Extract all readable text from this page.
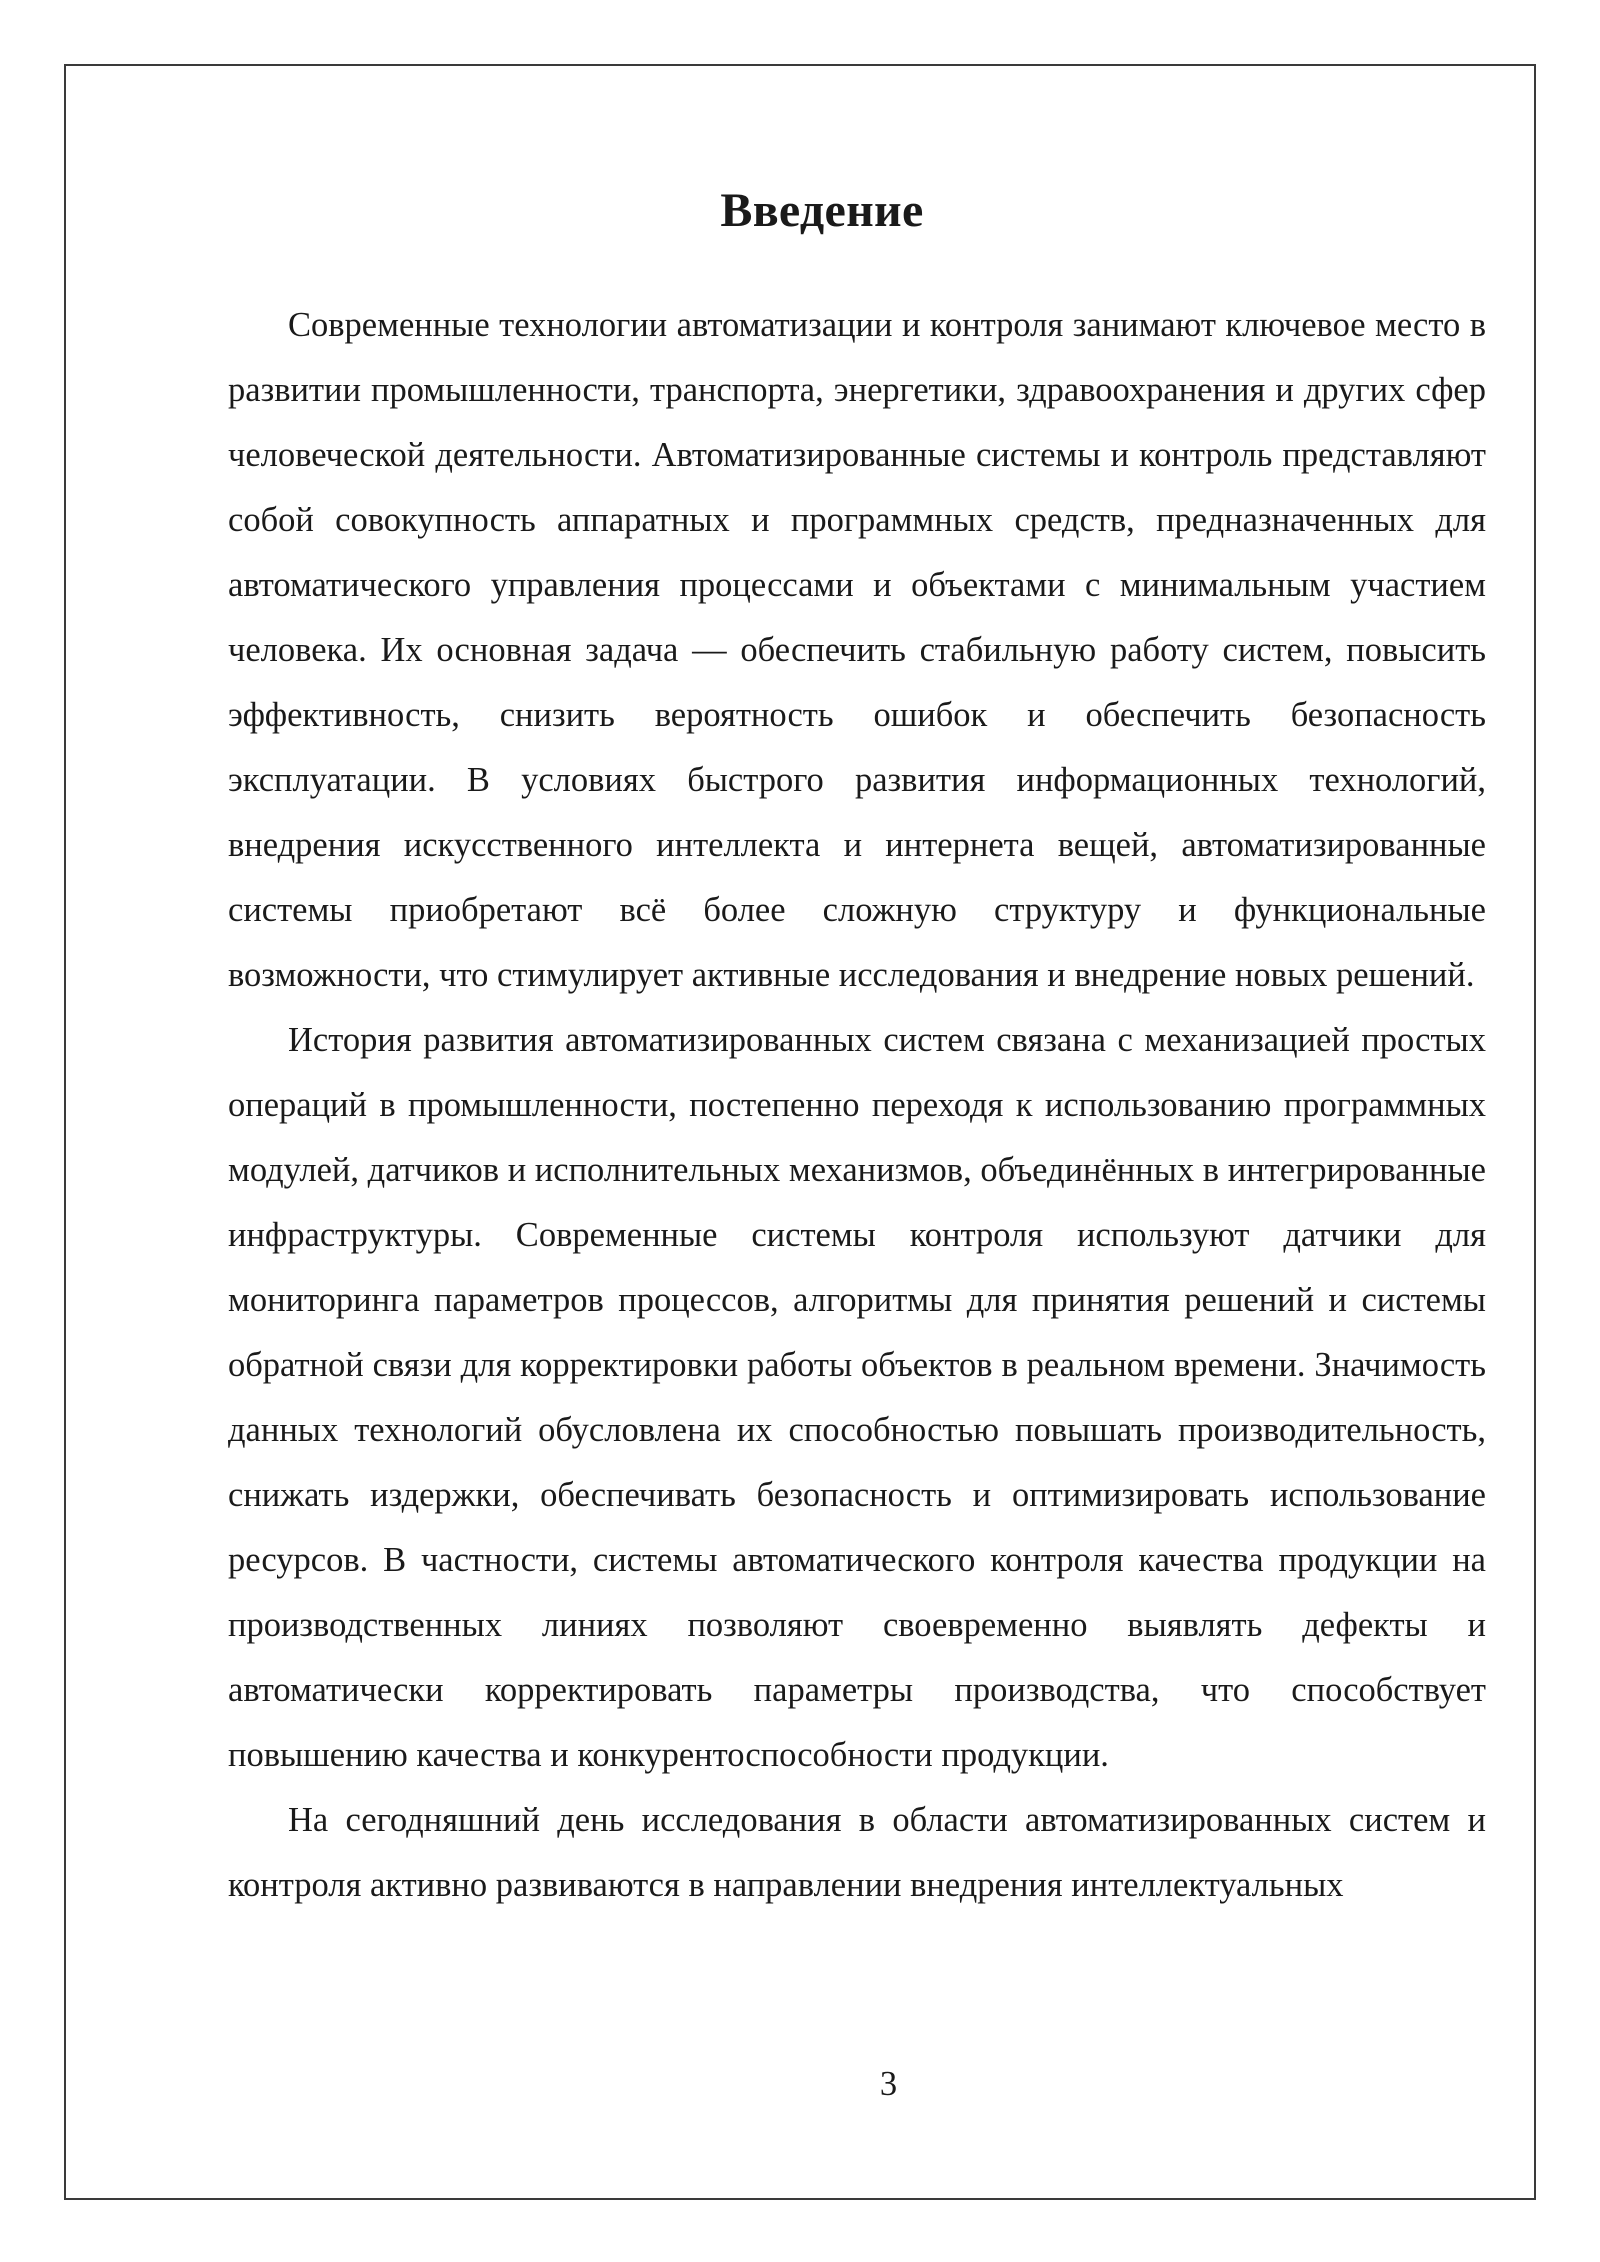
Введение

Современные технологии автоматизации и контроля занимают ключевое место в развитии промышленности, транспорта, энергетики, здравоохранения и других сфер человеческой деятельности. Автоматизированные системы и контроль представляют собой совокупность аппаратных и программных средств, предназначенных для автоматического управления процессами и объектами с минимальным участием человека. Их основная задача — обеспечить стабильную работу систем, повысить эффективность, снизить вероятность ошибок и обеспечить безопасность эксплуатации. В условиях быстрого развития информационных технологий, внедрения искусственного интеллекта и интернета вещей, автоматизированные системы приобретают всё более сложную структуру и функциональные возможности, что стимулирует активные исследования и внедрение новых решений.

История развития автоматизированных систем связана с механизацией простых операций в промышленности, постепенно переходя к использованию программных модулей, датчиков и исполнительных механизмов, объединённых в интегрированные инфраструктуры. Современные системы контроля используют датчики для мониторинга параметров процессов, алгоритмы для принятия решений и системы обратной связи для корректировки работы объектов в реальном времени. Значимость данных технологий обусловлена их способностью повышать производительность, снижать издержки, обеспечивать безопасность и оптимизировать использование ресурсов. В частности, системы автоматического контроля качества продукции на производственных линиях позволяют своевременно выявлять дефекты и автоматически корректировать параметры производства, что способствует повышению качества и конкурентоспособности продукции.

На сегодняшний день исследования в области автоматизированных систем и контроля активно развиваются в направлении внедрения интеллектуальных

3
